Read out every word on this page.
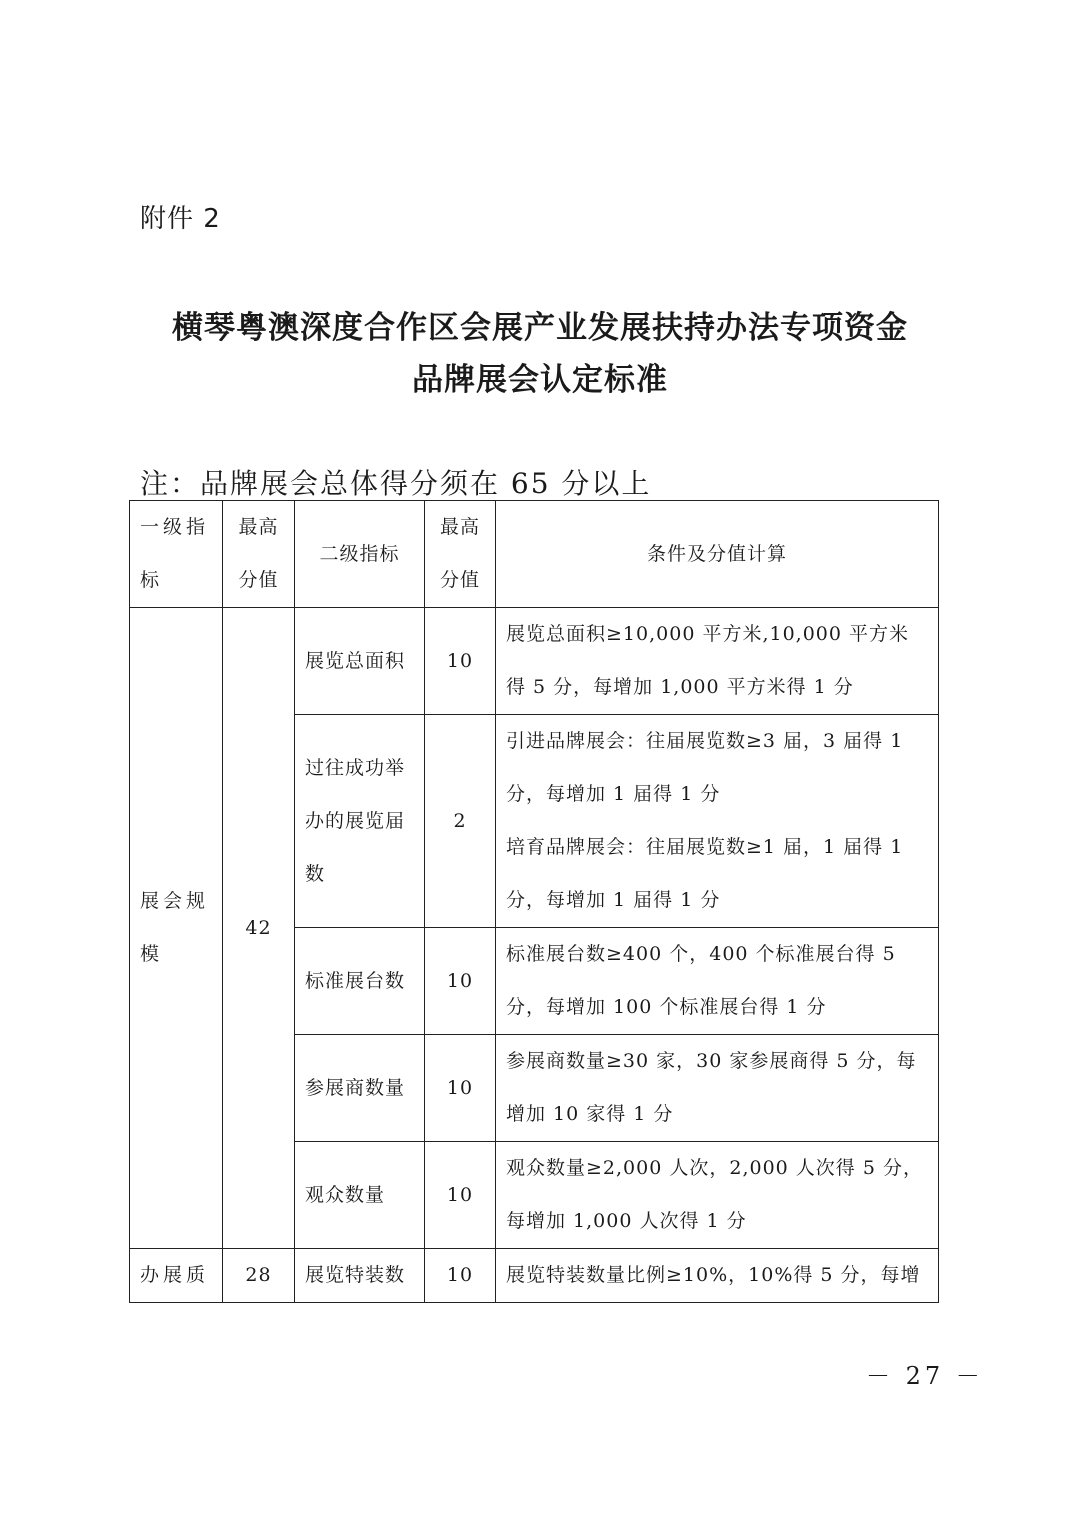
附件 2
横琴粤澳深度合作区会展产业发展扶持办法专项资金
品牌展会认定标准
注：品牌展会总体得分须在 65 分以上
一级指标	最高分值	二级指标	最高分值	条件及分值计算
展会规模	42	展览总面积	10	展览总面积≥10,000 平方米,10,000 平方米得 5 分，每增加 1,000 平方米得 1 分
		过往成功举办的展览届数	2	引进品牌展会：往届展览数≥3 届，3 届得 1 分，每增加 1 届得 1 分
培育品牌展会：往届展览数≥1 届，1 届得 1 分，每增加 1 届得 1 分

		标准展台数	10	标准展台数≥400 个，400 个标准展台得 5 分，每增加 100 个标准展台得 1 分
		参展商数量	10	参展商数量≥30 家，30 家参展商得 5 分，每增加 10 家得 1 分
		观众数量	10	观众数量≥2,000 人次，2,000 人次得 5 分，每增加 1,000 人次得 1 分
办展质	28	展览特装数	10	展览特装数量比例≥10%，10%得 5 分，每增
－ 27 －
